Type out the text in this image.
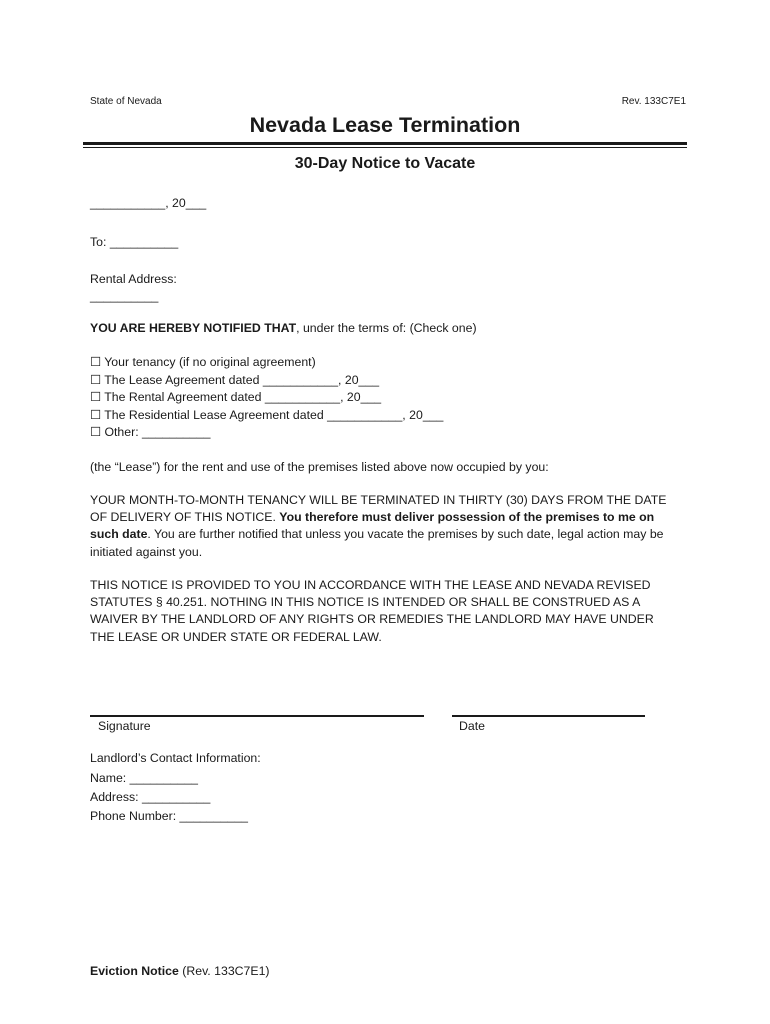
State of Nevada	Rev. 133C7E1
Nevada Lease Termination
30-Day Notice to Vacate
___________, 20___
To: __________
Rental Address:
__________
YOU ARE HEREBY NOTIFIED THAT, under the terms of: (Check one)
☐ Your tenancy (if no original agreement)
☐ The Lease Agreement dated ___________, 20___
☐ The Rental Agreement dated ___________, 20___
☐ The Residential Lease Agreement dated ___________, 20___
☐ Other: __________
(the “Lease”) for the rent and use of the premises listed above now occupied by you:
YOUR MONTH-TO-MONTH TENANCY WILL BE TERMINATED IN THIRTY (30) DAYS FROM THE DATE OF DELIVERY OF THIS NOTICE. You therefore must deliver possession of the premises to me on such date. You are further notified that unless you vacate the premises by such date, legal action may be initiated against you.
THIS NOTICE IS PROVIDED TO YOU IN ACCORDANCE WITH THE LEASE AND NEVADA REVISED STATUTES § 40.251. NOTHING IN THIS NOTICE IS INTENDED OR SHALL BE CONSTRUED AS A WAIVER BY THE LANDLORD OF ANY RIGHTS OR REMEDIES THE LANDLORD MAY HAVE UNDER THE LEASE OR UNDER STATE OR FEDERAL LAW.
Signature	Date
Landlord’s Contact Information:
Name: __________
Address: __________
Phone Number: __________
Eviction Notice (Rev. 133C7E1)
